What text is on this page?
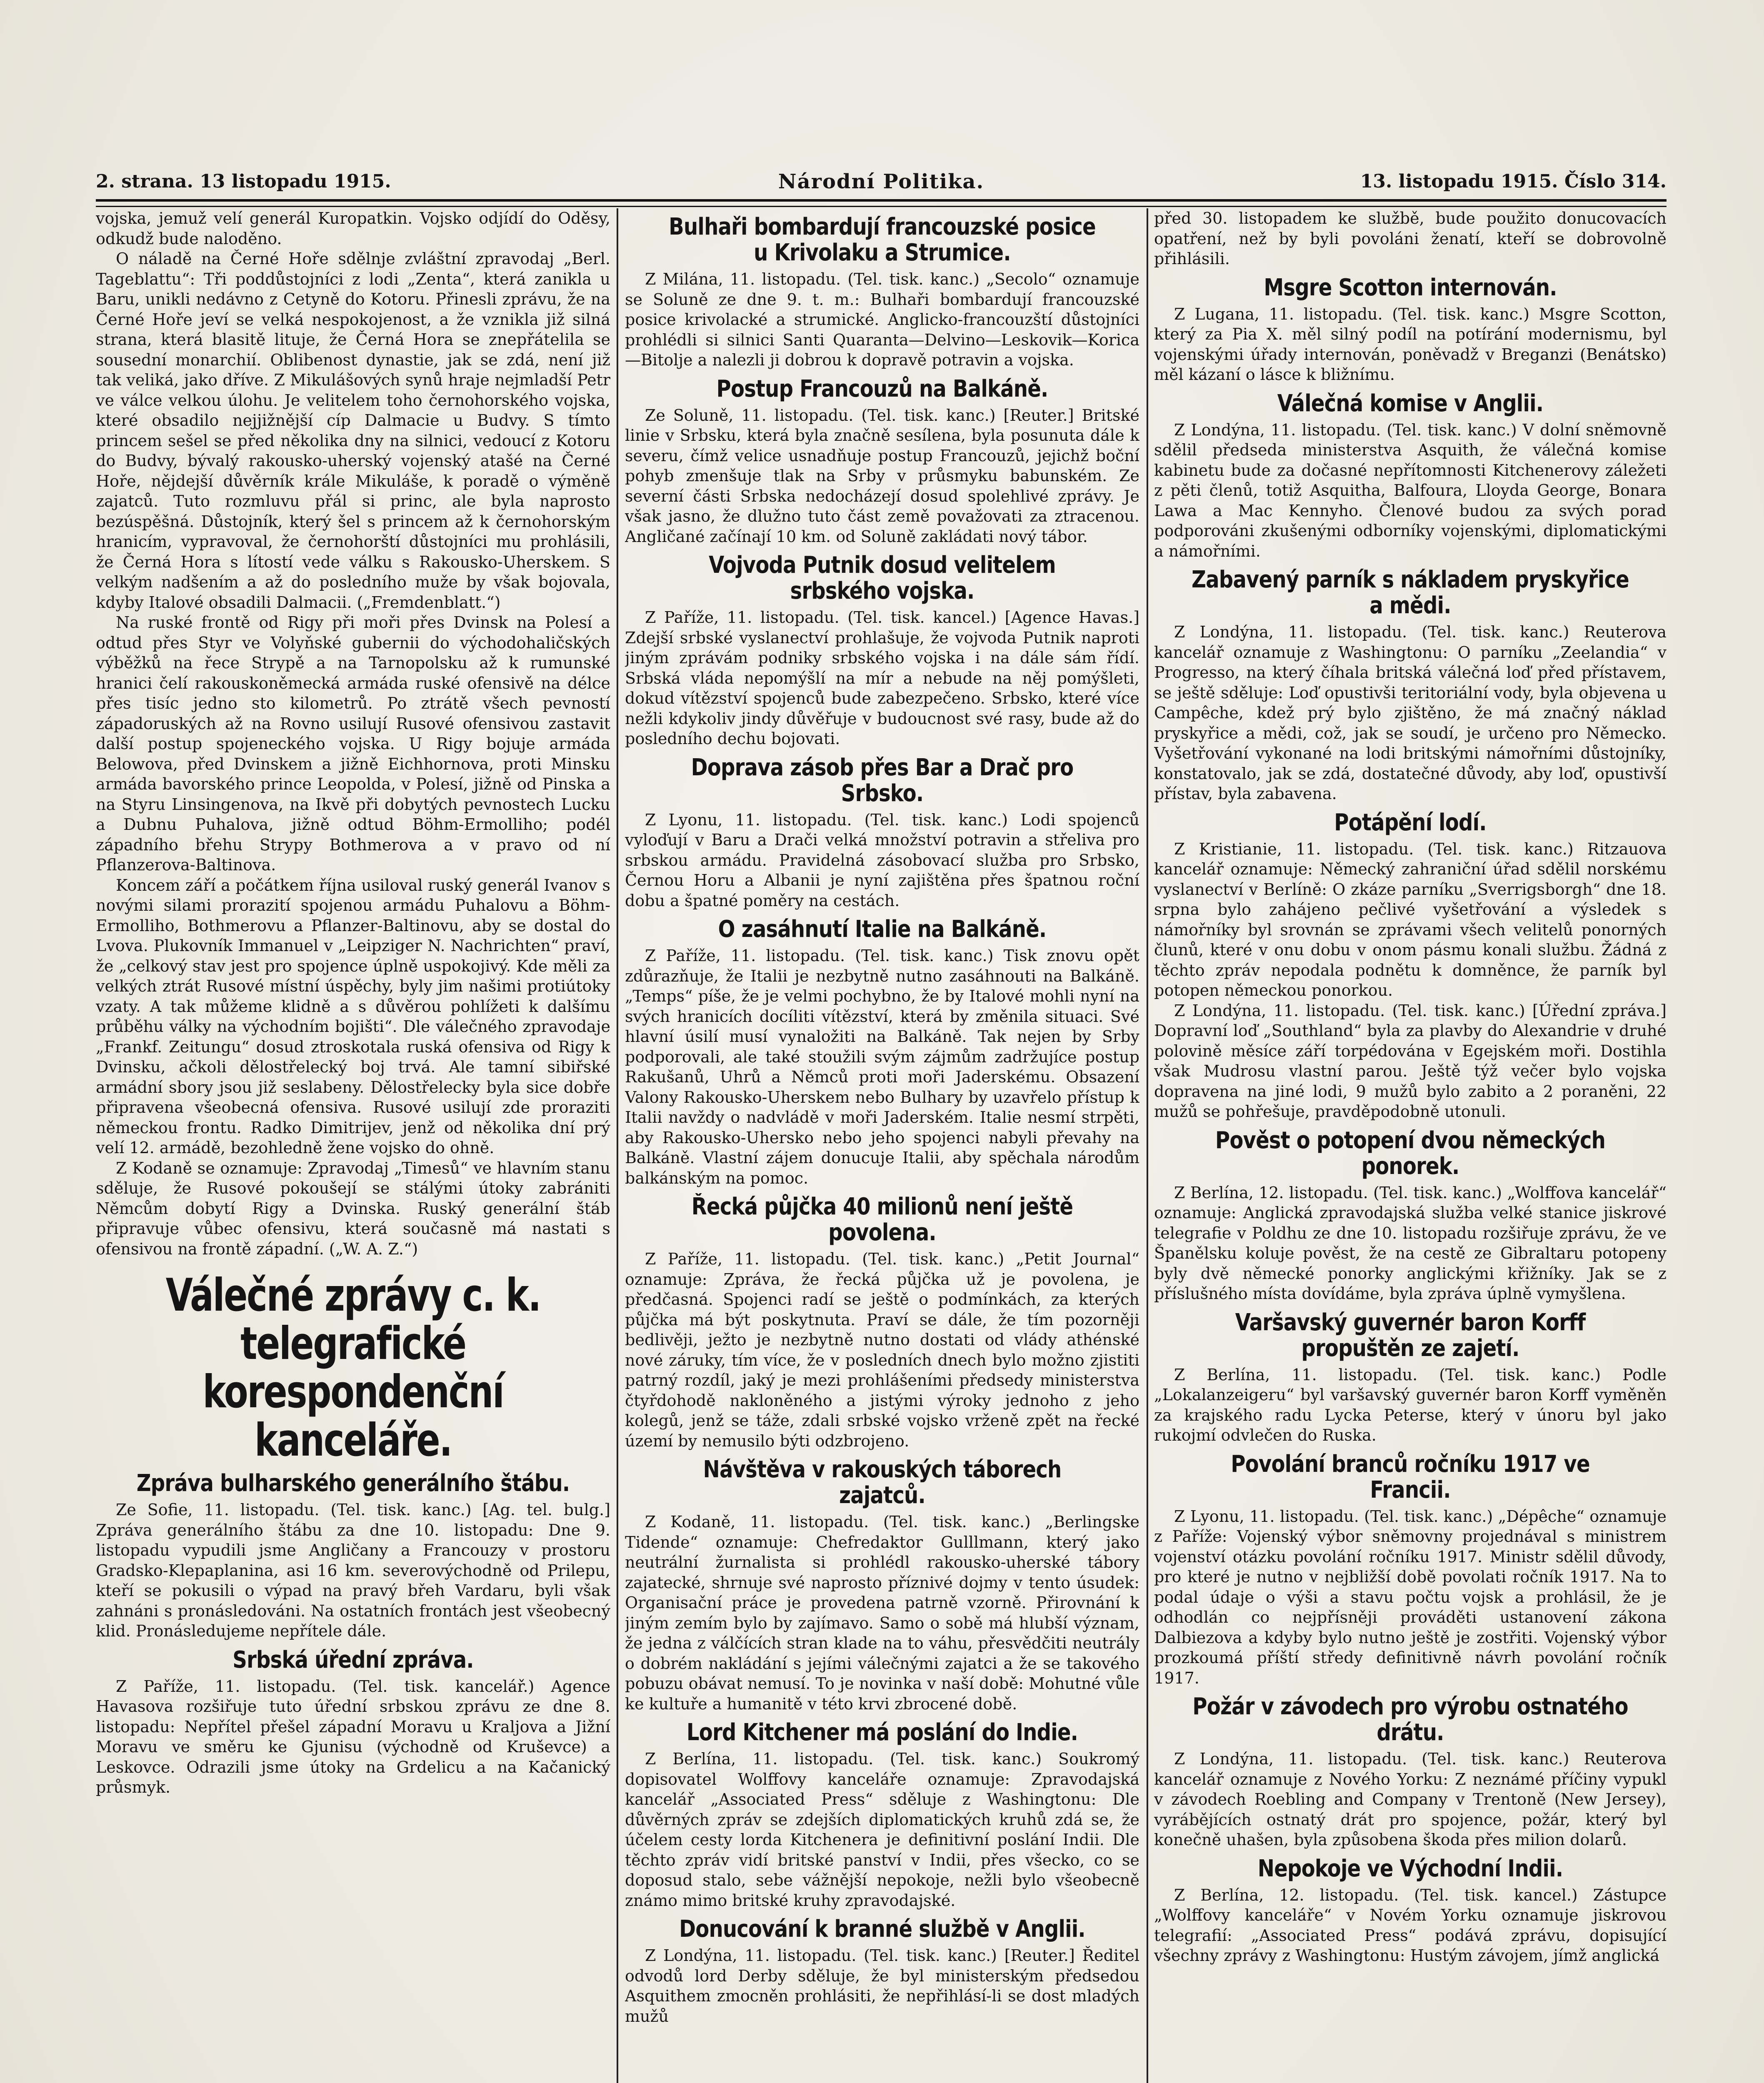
2. strana. 13 listopadu 1915.	Národní Politika.	13. listopadu 1915. Číslo 314.

vojska, jemuž velí generál Kuropatkin. Vojsko odjídí do Oděsy, odkudž bude naloděno.

O náladě na Černé Hoře sdělnje zvláštní zpravodaj „Berl. Tageblattu“: Tři poddůstojníci z lodi „Zenta“, která zanikla u Baru, unikli nedávno z Cetyně do Kotoru. Přinesli zprávu, že na Černé Hoře jeví se velká nespokojenost, a že vznikla již silná strana, která blasitě lituje, že Černá Hora se znepřátelila se sousední monarchií. Oblibenost dynastie, jak se zdá, není již tak veliká, jako dříve. Z Mikulášových synů hraje nejmladší Petr ve válce velkou úlohu. Je velitelem toho černohorského vojska, které obsadilo nejjižnější cíp Dalmacie u Budvy. S tímto princem sešel se před několika dny na silnici, vedoucí z Kotoru do Budvy, bývalý rakousko-uherský vojenský atašé na Černé Hoře, nějdejší důvěrník krále Mikuláše, k poradě o výměně zajatců. Tuto rozmluvu přál si princ, ale byla naprosto bezúspěšná. Důstojník, který šel s princem až k černohorským hranicím, vypravoval, že černohorští důstojníci mu prohlásili, že Černá Hora s lítostí vede válku s Rakousko-Uherskem. S velkým nadšením a až do posledního muže by však bojovala, kdyby Italové obsadili Dalmacii. („Fremdenblatt.“)

Na ruské frontě od Rigy při moři přes Dvinsk na Polesí a odtud přes Styr ve Volyňské gubernii do východohaličských výběžků na řece Strypě a na Tarnopolsku až k rumunské hranici čelí rakouskoněmecká armáda ruské ofensivě na délce přes tisíc jedno sto kilometrů. Po ztrátě všech pevností západoruských až na Rovno usilují Rusové ofensivou zastavit další postup spojeneckého vojska. U Rigy bojuje armáda Belowova, před Dvinskem a jižně Eichhornova, proti Minsku armáda bavorského prince Leopolda, v Polesí, jižně od Pinska a na Styru Linsingenova, na Ikvě při dobytých pevnostech Lucku a Dubnu Puhalova, jižně odtud Böhm-Ermolliho; podél západního břehu Strypy Bothmerova a v pravo od ní Pflanzerova-Baltinova.

Koncem září a počátkem října usiloval ruský generál Ivanov s novými silami prorazití spojenou armádu Puhalovu a Böhm-Ermolliho, Bothmerovu a Pflanzer-Baltinovu, aby se dostal do Lvova. Plukovník Immanuel v „Leipziger N. Nachrichten“ praví, že „celkový stav jest pro spojence úplně uspokojivý. Kde měli za velkých ztrát Rusové místní úspěchy, byly jim našimi protiútoky vzaty. A tak můžeme klidně a s důvěrou pohlížeti k dalšímu průběhu války na východním bojišti“. Dle válečného zpravodaje „Frankf. Zeitungu“ dosud ztroskotala ruská ofensiva od Rigy k Dvinsku, ačkoli dělostřelecký boj trvá. Ale tamní sibiřské armádní sbory jsou již seslabeny. Dělostřelecky byla sice dobře připravena všeobecná ofensiva. Rusové usilují zde proraziti německou frontu. Radko Dimitrijev, jenž od několika dní prý velí 12. armádě, bezohledně žene vojsko do ohně.

Z Kodaně se oznamuje: Zpravodaj „Timesů“ ve hlavním stanu sděluje, že Rusové pokoušejí se stálými útoky zabrániti Němcům dobytí Rigy a Dvinska. Ruský generální štáb připravuje vůbec ofensivu, která současně má nastati s ofensivou na frontě západní. („W. A. Z.“)

Válečné zprávy c. k. telegrafické korespondenční kanceláře.
Zpráva bulharského generálního štábu.

Ze Sofie, 11. listopadu. (Tel. tisk. kanc.) [Ag. tel. bulg.] Zpráva generálního štábu za dne 10. listopadu: Dne 9. listopadu vypudili jsme Angličany a Francouzy v prostoru Gradsko-Klepaplanina, asi 16 km. severovýchodně od Prilepu, kteří se pokusili o výpad na pravý břeh Vardaru, byli však zahnáni s pronásledováni. Na ostatních frontách jest všeobecný klid. Pronásledujeme nepřítele dále.

Srbská úřední zpráva.

Z Paříže, 11. listopadu. (Tel. tisk. kancelář.) Agence Havasova rozšiřuje tuto úřední srbskou zprávu ze dne 8. listopadu: Nepřítel přešel západní Moravu u Kraljova a Jižní Moravu ve směru ke Gjunisu (východně od Kruševce) a Leskovce. Odrazili jsme útoky na Grdelicu a na Kačanický průsmyk.

Bulhaři bombardují francouzské posice u Krivolaku a Strumice.

Z Milána, 11. listopadu. (Tel. tisk. kanc.) „Secolo“ oznamuje se Soluně ze dne 9. t. m.: Bulhaři bombardují francouzské posice krivolacké a strumické. Anglicko-francouzští důstojníci prohlédli si silnici Santi Quaranta—Delvino—Leskovik—Korica—Bitolje a nalezli ji dobrou k dopravě potravin a vojska.

Postup Francouzů na Balkáně.

Ze Soluně, 11. listopadu. (Tel. tisk. kanc.) [Reuter.] Britské linie v Srbsku, která byla značně sesílena, byla posunuta dále k severu, čímž velice usnadňuje postup Francouzů, jejichž boční pohyb zmenšuje tlak na Srby v průsmyku babunském. Ze severní části Srbska nedocházejí dosud spolehlivé zprávy. Je však jasno, že dlužno tuto část země považovati za ztracenou. Angličané začínají 10 km. od Soluně zakládati nový tábor.

Vojvoda Putnik dosud velitelem srbského vojska.

Z Paříže, 11. listopadu. (Tel. tisk. kancel.) [Agence Havas.] Zdejší srbské vyslanectví prohlašuje, že vojvoda Putnik naproti jiným zprávám podniky srbského vojska i na dále sám řídí. Srbská vláda nepomýšlí na mír a nebude na něj pomýšleti, dokud vítězství spojenců bude zabezpečeno. Srbsko, které více nežli kdykoliv jindy důvěřuje v budoucnost své rasy, bude až do posledního dechu bojovati.

Doprava zásob přes Bar a Drač pro Srbsko.

Z Lyonu, 11. listopadu. (Tel. tisk. kanc.) Lodi spojenců vyloďují v Baru a Drači velká množství potravin a střeliva pro srbskou armádu. Pravidelná zásobovací služba pro Srbsko, Černou Horu a Albanii je nyní zajištěna přes špatnou roční dobu a špatné poměry na cestách.

O zasáhnutí Italie na Balkáně.

Z Paříže, 11. listopadu. (Tel. tisk. kanc.) Tisk znovu opět zdůrazňuje, že Italii je nezbytně nutno zasáhnouti na Balkáně. „Temps“ píše, že je velmi pochybno, že by Italové mohli nyní na svých hranicích docíliti vítězství, která by změnila situaci. Své hlavní úsilí musí vynaložiti na Balkáně. Tak nejen by Srby podporovali, ale také stoužili svým zájmům zadržujíce postup Rakušanů, Uhrů a Němců proti moři Jaderskému. Obsazení Valony Rakousko-Uherskem nebo Bulhary by uzavřelo přístup k Italii navždy o nadvládě v moři Jaderském. Italie nesmí strpěti, aby Rakousko-Uhersko nebo jeho spojenci nabyli převahy na Balkáně. Vlastní zájem donucuje Italii, aby spěchala národům balkánským na pomoc.

Řecká půjčka 40 milionů není ještě povolena.

Z Paříže, 11. listopadu. (Tel. tisk. kanc.) „Petit Journal“ oznamuje: Zpráva, že řecká půjčka už je povolena, je předčasná. Spojenci radí se ještě o podmínkách, za kterých půjčka má být poskytnuta. Praví se dále, že tím pozorněji bedlivěji, ježto je nezbytně nutno dostati od vlády athénské nové záruky, tím více, že v posledních dnech bylo možno zjistiti patrný rozdíl, jaký je mezi prohlášeními předsedy ministerstva čtyřdohodě nakloněného a jistými výroky jednoho z jeho kolegů, jenž se táže, zdali srbské vojsko vrženě zpět na řecké území by nemusilo býti odzbrojeno.

Návštěva v rakouských táborech zajatců.

Z Kodaně, 11. listopadu. (Tel. tisk. kanc.) „Berlingske Tidende“ oznamuje: Chefredaktor Gulllmann, který jako neutrální žurnalista si prohlédl rakousko-uherské tábory zajatecké, shrnuje své naprosto příznivé dojmy v tento úsudek: Organisační práce je provedena patrně vzorně. Přirovnání k jiným zemím bylo by zajímavo. Samo o sobě má hlubší význam, že jedna z válčících stran klade na to váhu, přesvědčiti neutrály o dobrém nakládání s jejími válečnými zajatci a že se takového pobuzu obávat nemusí. To je novinka v naší době: Mohutné vůle ke kultuře a humanitě v této krvi zbrocené době.

Lord Kitchener má poslání do Indie.

Z Berlína, 11. listopadu. (Tel. tisk. kanc.) Soukromý dopisovatel Wolffovy kanceláře oznamuje: Zpravodajská kancelář „Associated Press“ sděluje z Washingtonu: Dle důvěrných zpráv se zdejších diplomatických kruhů zdá se, že účelem cesty lorda Kitchenera je definitivní poslání Indii. Dle těchto zpráv vidí britské panství v Indii, přes všecko, co se doposud stalo, sebe vážnější nepokoje, nežli bylo všeobecně známo mimo britské kruhy zpravodajské.

Donucování k branné službě v Anglii.

Z Londýna, 11. listopadu. (Tel. tisk. kanc.) [Reuter.] Ředitel odvodů lord Derby sděluje, že byl ministerským předsedou Asquithem zmocněn prohlásiti, že nepřihlásí-li se dost mladých mužů

před 30. listopadem ke službě, bude použito donucovacích opatření, než by byli povoláni ženatí, kteří se dobrovolně přihlásili.

Msgre Scotton internován.

Z Lugana, 11. listopadu. (Tel. tisk. kanc.) Msgre Scotton, který za Pia X. měl silný podíl na potírání modernismu, byl vojenskými úřady internován, poněvadž v Breganzi (Benátsko) měl kázaní o lásce k bližnímu.

Válečná komise v Anglii.

Z Londýna, 11. listopadu. (Tel. tisk. kanc.) V dolní sněmovně sdělil předseda ministerstva Asquith, že válečná komise kabinetu bude za dočasné nepřítomnosti Kitchenerovy záležeti z pěti členů, totiž Asquitha, Balfoura, Lloyda George, Bonara Lawa a Mac Kennyho. Členové budou za svých porad podporováni zkušenými odborníky vojenskými, diplomatickými a námořními.

Zabavený parník s nákladem pryskyřice a mědi.

Z Londýna, 11. listopadu. (Tel. tisk. kanc.) Reuterova kancelář oznamuje z Washingtonu: O parníku „Zeelandia“ v Progresso, na který číhala britská válečná loď před přístavem, se ještě sděluje: Loď opustivši teritoriální vody, byla objevena u Campêche, kdež prý bylo zjištěno, že má značný náklad pryskyřice a mědi, což, jak se soudí, je určeno pro Německo. Vyšetřování vykonané na lodi britskými námořními důstojníky, konstatovalo, jak se zdá, dostatečné důvody, aby loď, opustivší přístav, byla zabavena.

Potápění lodí.

Z Kristianie, 11. listopadu. (Tel. tisk. kanc.) Ritzauova kancelář oznamuje: Německý zahraniční úřad sdělil norskému vyslanectví v Berlíně: O zkáze parníku „Sverrigsborgh“ dne 18. srpna bylo zahájeno pečlivé vyšetřování a výsledek s námořníky byl srovnán se zprávami všech velitelů ponorných člunů, které v onu dobu v onom pásmu konali službu. Žádná z těchto zpráv nepodala podnětu k domněnce, že parník byl potopen německou ponorkou.

Z Londýna, 11. listopadu. (Tel. tisk. kanc.) [Úřední zpráva.] Dopravní loď „Southland“ byla za plavby do Alexandrie v druhé polovině měsíce září torpédována v Egejském moři. Dostihla však Mudrosu vlastní parou. Ještě týž večer bylo vojska dopravena na jiné lodi, 9 mužů bylo zabito a 2 poraněni, 22 mužů se pohřešuje, pravděpodobně utonuli.

Pověst o potopení dvou německých ponorek.

Z Berlína, 12. listopadu. (Tel. tisk. kanc.) „Wolffova kancelář“ oznamuje: Anglická zpravodajská služba velké stanice jiskrové telegrafie v Poldhu ze dne 10. listopadu rozšiřuje zprávu, že ve Španělsku koluje pověst, že na cestě ze Gibraltaru potopeny byly dvě německé ponorky anglickými křižníky. Jak se z příslušného místa dovídáme, byla zpráva úplně vymyšlena.

Varšavský guvernér baron Korff propuštěn ze zajetí.

Z Berlína, 11. listopadu. (Tel. tisk. kanc.) Podle „Lokalanzeigeru“ byl varšavský guvernér baron Korff vyměněn za krajského radu Lycka Peterse, který v únoru byl jako rukojmí odvlečen do Ruska.

Povolání branců ročníku 1917 ve Francii.

Z Lyonu, 11. listopadu. (Tel. tisk. kanc.) „Dépêche“ oznamuje z Paříže: Vojenský výbor sněmovny projednával s ministrem vojenství otázku povolání ročníku 1917. Ministr sdělil důvody, pro které je nutno v nejbližší době povolati ročník 1917. Na to podal údaje o výši a stavu počtu vojsk a prohlásil, že je odhodlán co nejpřísněji prováděti ustanovení zákona Dalbiezova a kdyby bylo nutno ještě je zostřiti. Vojenský výbor prozkoumá příští středy definitivně návrh povolání ročník 1917.

Požár v závodech pro výrobu ostnatého drátu.

Z Londýna, 11. listopadu. (Tel. tisk. kanc.) Reuterova kancelář oznamuje z Nového Yorku: Z neznámé příčiny vypukl v závodech Roebling and Company v Trentoně (New Jersey), vyrábějících ostnatý drát pro spojence, požár, který byl konečně uhašen, byla způsobena škoda přes milion dolarů.

Nepokoje ve Východní Indii.

Z Berlína, 12. listopadu. (Tel. tisk. kancel.) Zástupce „Wolffovy kanceláře“ v Novém Yorku oznamuje jiskrovou telegrafií: „Associated Press“ podává zprávu, dopisující všechny zprávy z Washingtonu: Hustým závojem, jímž anglická
